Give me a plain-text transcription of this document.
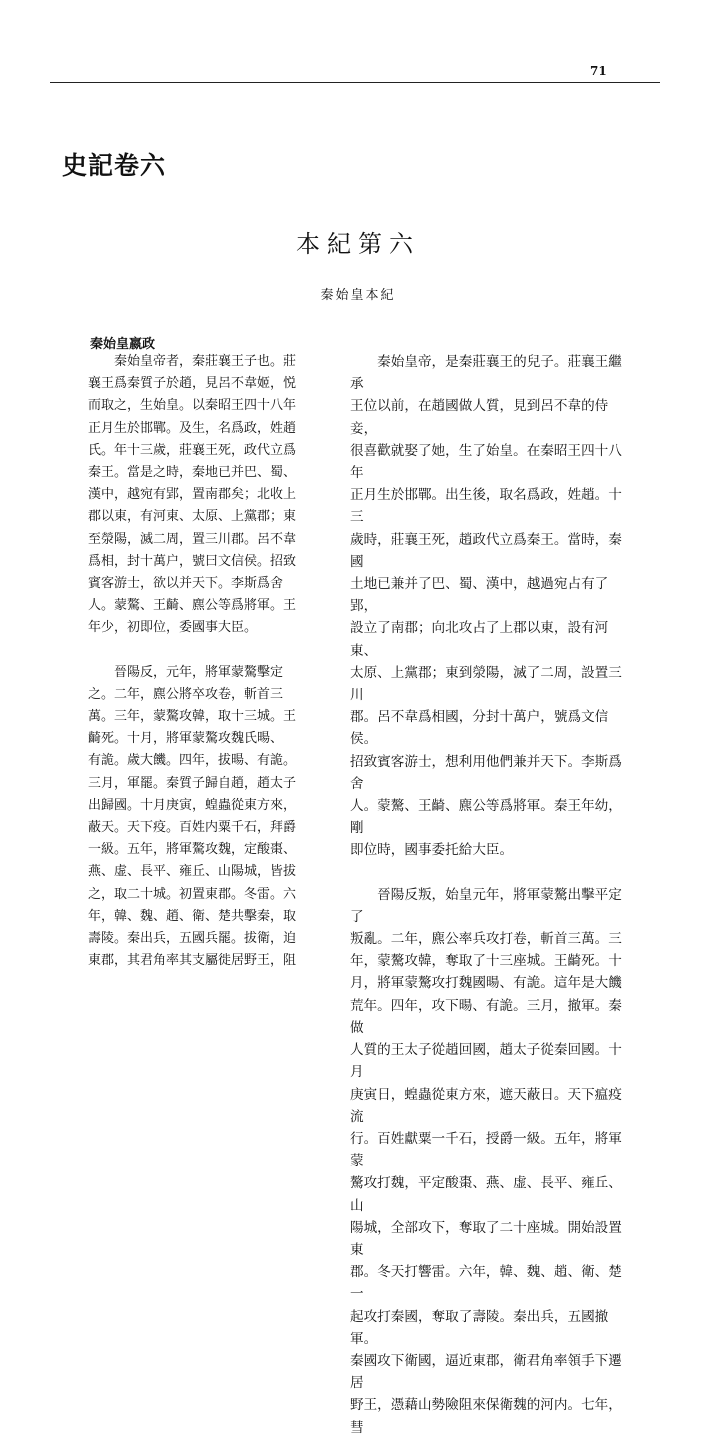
71
史記卷六
本紀第六
秦始皇本紀
秦始皇嬴政

　　秦始皇帝者，秦莊襄王子也。莊
襄王爲秦質子於趙，見呂不韋姬，悦
而取之，生始皇。以秦昭王四十八年
正月生於邯鄲。及生，名爲政，姓趙
氏。年十三歲，莊襄王死，政代立爲
秦王。當是之時，秦地已并巴、蜀、
漢中，越宛有郢，置南郡矣；北收上
郡以東，有河東、太原、上黨郡；東
至滎陽，滅二周，置三川郡。呂不韋
爲相，封十萬户，號曰文信侯。招致
賓客游士，欲以并天下。李斯爲舍
人。蒙驁、王齮、麃公等爲將軍。王
年少，初即位，委國事大臣。

　　晉陽反，元年，將軍蒙驁擊定
之。二年，麃公將卒攻卷，斬首三
萬。三年，蒙驁攻韓，取十三城。王
齮死。十月，將軍蒙驁攻魏氏暘、
有詭。歲大饑。四年，拔暘、有詭。
三月，軍罷。秦質子歸自趙，趙太子
出歸國。十月庚寅，蝗蟲從東方來，
蔽天。天下疫。百姓内粟千石，拜爵
一級。五年，將軍驁攻魏，定酸棗、
燕、虚、長平、雍丘、山陽城，皆拔
之，取二十城。初置東郡。冬雷。六
年，韓、魏、趙、衛、楚共擊秦，取
壽陵。秦出兵，五國兵罷。拔衛，迫
東郡，其君角率其支屬徙居野王，阻

　　秦始皇帝，是秦莊襄王的兒子。莊襄王繼承
王位以前，在趙國做人質，見到呂不韋的侍妾，
很喜歡就娶了她，生了始皇。在秦昭王四十八年
正月生於邯鄲。出生後，取名爲政，姓趙。十三
歲時，莊襄王死，趙政代立爲秦王。當時，秦國
土地已兼并了巴、蜀、漢中，越過宛占有了郢，
設立了南郡；向北攻占了上郡以東，設有河東、
太原、上黨郡；東到滎陽，滅了二周，設置三川
郡。呂不韋爲相國，分封十萬户，號爲文信侯。
招致賓客游士，想利用他們兼并天下。李斯爲舍
人。蒙驁、王齮、麃公等爲將軍。秦王年幼，剛
即位時，國事委托給大臣。

　　晉陽反叛，始皇元年，將軍蒙驁出擊平定了
叛亂。二年，麃公率兵攻打卷，斬首三萬。三
年，蒙驁攻韓，奪取了十三座城。王齮死。十
月，將軍蒙驁攻打魏國暘、有詭。這年是大饑
荒年。四年，攻下暘、有詭。三月，撤軍。秦做
人質的王太子從趙回國，趙太子從秦回國。十月
庚寅日，蝗蟲從東方來，遮天蔽日。天下瘟疫流
行。百姓獻粟一千石，授爵一級。五年，將軍蒙
驁攻打魏，平定酸棗、燕、虚、長平、雍丘、山
陽城，全部攻下，奪取了二十座城。開始設置東
郡。冬天打響雷。六年，韓、魏、趙、衛、楚一
起攻打秦國，奪取了壽陵。秦出兵，五國撤軍。
秦國攻下衛國，逼近東郡，衛君角率領手下遷居
野王，憑藉山勢險阻來保衛魏的河内。七年，彗
